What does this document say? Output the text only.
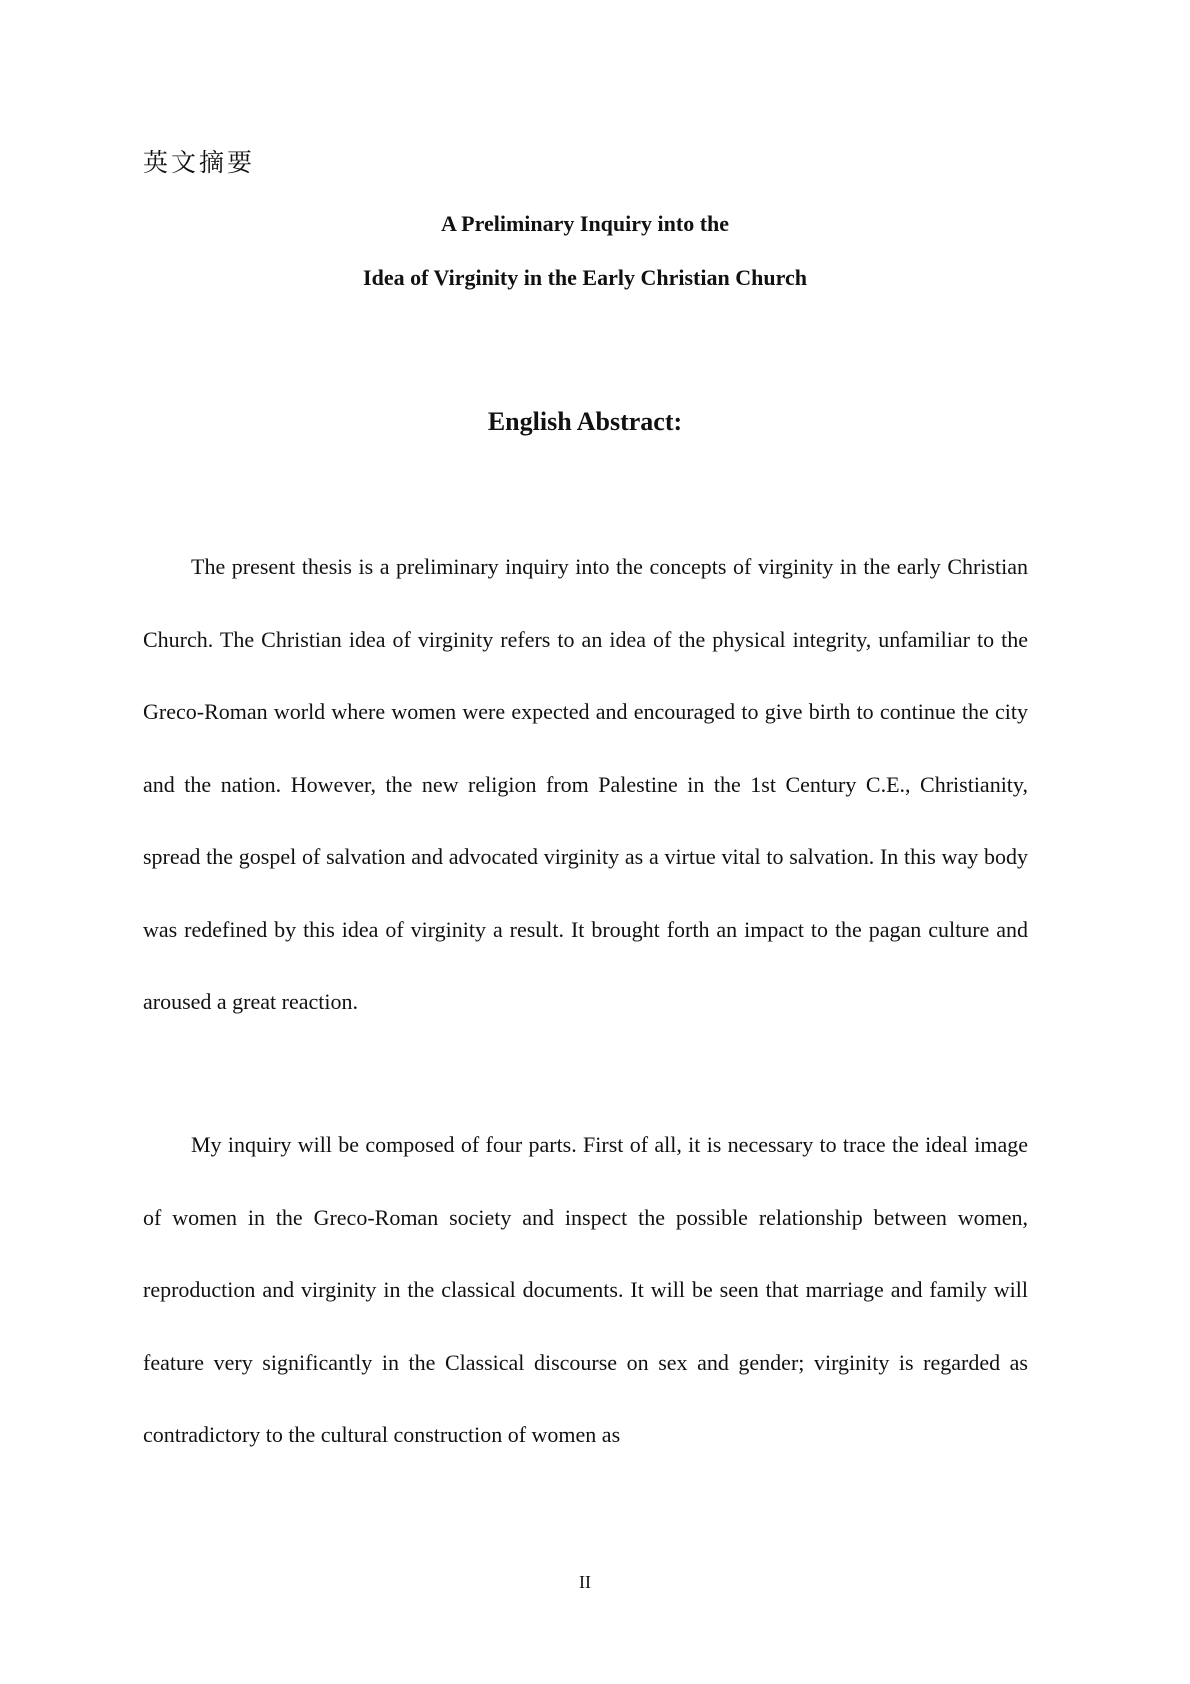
英文摘要
A Preliminary Inquiry into the
Idea of Virginity in the Early Christian Church
English Abstract:

The present thesis is a preliminary inquiry into the concepts of virginity in the early Christian Church. The Christian idea of virginity refers to an idea of the physical integrity, unfamiliar to the Greco-Roman world where women were expected and encouraged to give birth to continue the city and the nation. However, the new religion from Palestine in the 1st Century C.E., Christianity, spread the gospel of salvation and advocated virginity as a virtue vital to salvation. In this way body was redefined by this idea of virginity a result. It brought forth an impact to the pagan culture and aroused a great reaction.

My inquiry will be composed of four parts. First of all, it is necessary to trace the ideal image of women in the Greco-Roman society and inspect the possible relationship between women, reproduction and virginity in the classical documents. It will be seen that marriage and family will feature very significantly in the Classical discourse on sex and gender; virginity is regarded as contradictory to the cultural construction of women as

II
